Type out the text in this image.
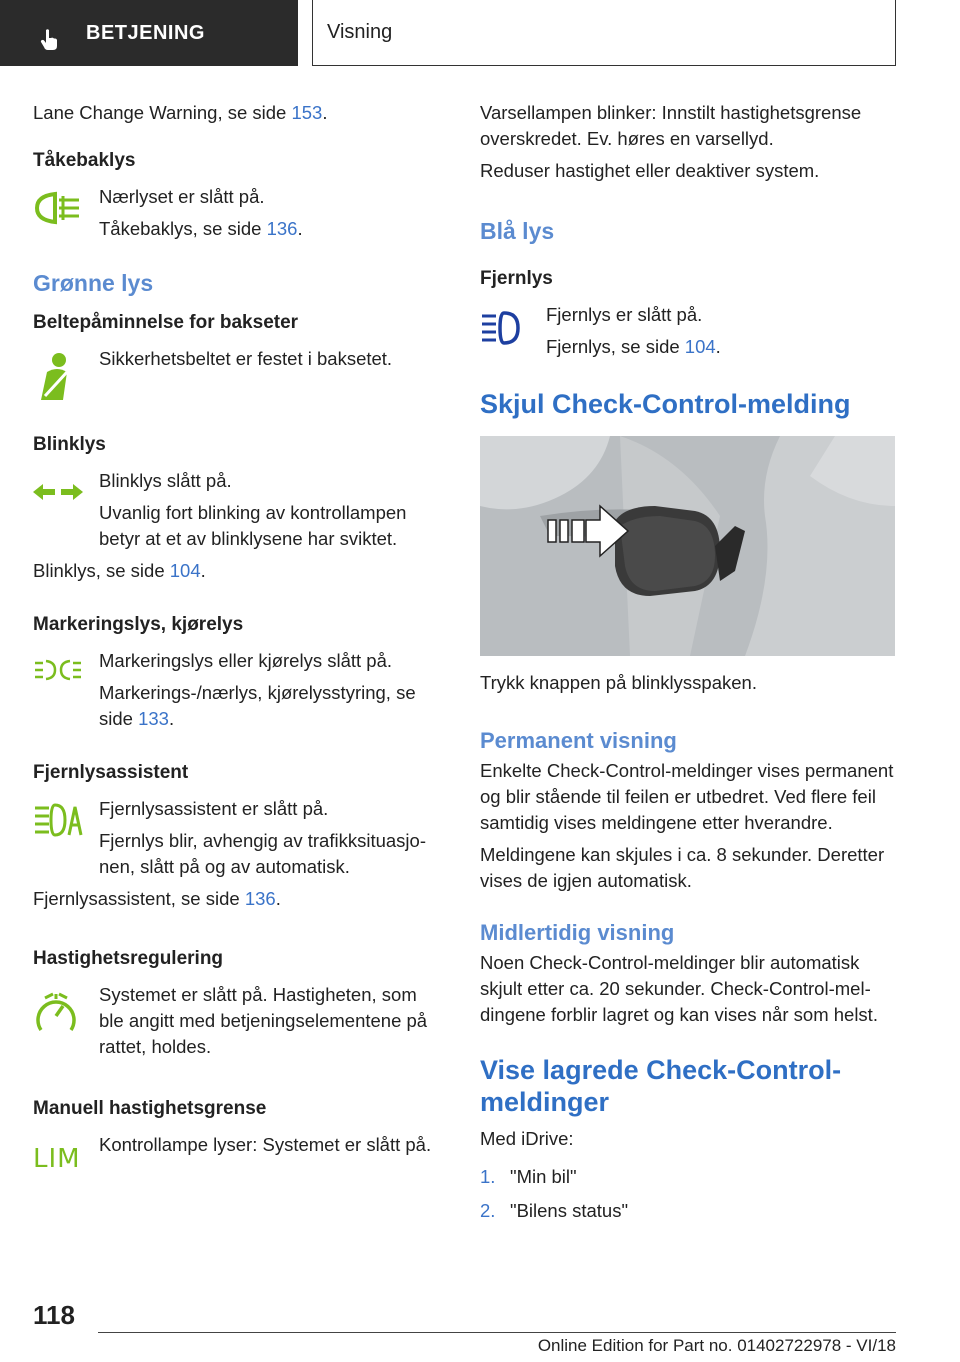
BETJENING	Visning

Lane Change Warning, se side 153.

Tåkebaklys

Nærlyset er slått på.

Tåkebaklys, se side 136.

Grønne lys

Beltepåminnelse for bakseter

Sikkerhetsbeltet er festet i baksetet.

Blinklys

Blinklys slått på.

Uvanlig fort blinking av kontrollampen betyr at et av blinklysene har sviktet.

Blinklys, se side 104.

Markeringslys, kjørelys

Markeringslys eller kjørelys slått på.

Markerings-/nærlys, kjørelysstyring, se side 133.

Fjernlysassistent

Fjernlysassistent er slått på.

Fjernlys blir, avhengig av trafikksituasjonen, slått på og av automatisk.

Fjernlysassistent, se side 136.

Hastighetsregulering

Systemet er slått på. Hastigheten, som ble angitt med betjeningselementene på rattet, holdes.

Manuell hastighetsgrense

LIM Kontrollampe lyser: Systemet er slått på.

Varsellampen blinker: Innstilt hastighetsgrense overskredet. Ev. høres en varsellyd.

Reduser hastighet eller deaktiver system.

Blå lys

Fjernlys

Fjernlys er slått på.

Fjernlys, se side 104.

Skjul Check-Control-melding

Trykk knappen på blinklysspaken.

Permanent visning

Enkelte Check-Control-meldinger vises permanent og blir stående til feilen er utbedret. Ved flere feil samtidig vises meldingene etter hverandre.

Meldingene kan skjules i ca. 8 sekunder. Deretter vises de igjen automatisk.

Midlertidig visning

Noen Check-Control-meldinger blir automatisk skjult etter ca. 20 sekunder. Check-Control-meldingene forblir lagret og kan vises når som helst.

Vise lagrede Check-Control-meldinger

Med iDrive:

1. "Min bil"
2. "Bilens status"
118
Online Edition for Part no. 01402722978 - VI/18
